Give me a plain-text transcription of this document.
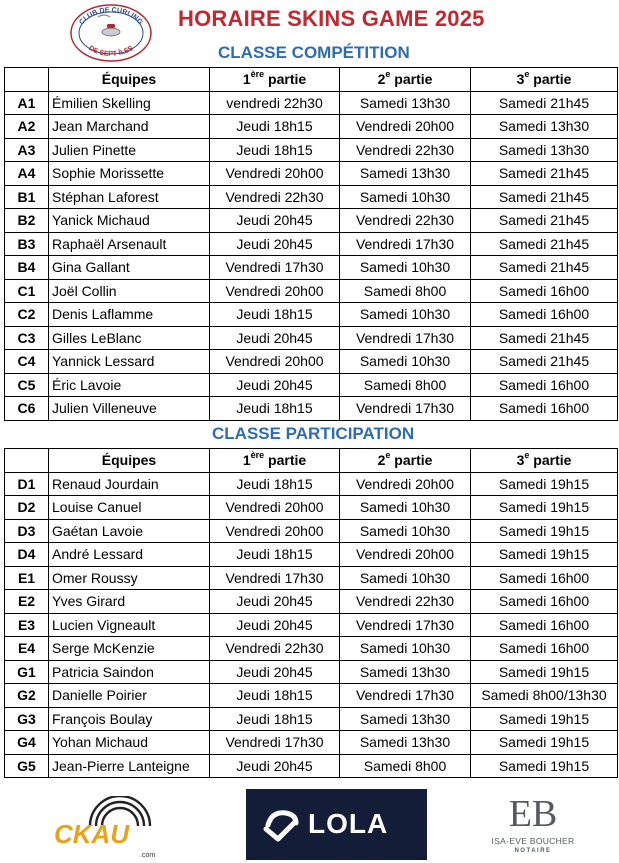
CLUB DE CURLING
DE SEPT-ÎLES
HORAIRE SKINS GAME 2025
CLASSE COMPÉTITION
	Équipes	1ère partie	2e partie	3e partie
A1	Émilien Skelling	vendredi 22h30	Samedi 13h30	Samedi 21h45
A2	Jean Marchand	Jeudi 18h15	Vendredi 20h00	Samedi 13h30
A3	Julien Pinette	Jeudi 18h15	Vendredi 22h30	Samedi 13h30
A4	Sophie Morissette	Vendredi 20h00	Samedi 13h30	Samedi 21h45
B1	Stéphan Laforest	Vendredi 22h30	Samedi 10h30	Samedi 21h45
B2	Yanick Michaud	Jeudi 20h45	Vendredi 22h30	Samedi 21h45
B3	Raphaël Arsenault	Jeudi 20h45	Vendredi 17h30	Samedi 21h45
B4	Gina Gallant	Vendredi 17h30	Samedi 10h30	Samedi 21h45
C1	Joël Collin	Vendredi 20h00	Samedi 8h00	Samedi 16h00
C2	Denis Laflamme	Jeudi 18h15	Samedi 10h30	Samedi 16h00
C3	Gilles LeBlanc	Jeudi 20h45	Vendredi 17h30	Samedi 21h45
C4	Yannick Lessard	Vendredi 20h00	Samedi 10h30	Samedi 21h45
C5	Éric Lavoie	Jeudi 20h45	Samedi 8h00	Samedi 16h00
C6	Julien Villeneuve	Jeudi 18h15	Vendredi 17h30	Samedi 16h00
CLASSE PARTICIPATION
	Équipes	1ère partie	2e partie	3e partie
D1	Renaud Jourdain	Jeudi 18h15	Vendredi 20h00	Samedi 19h15
D2	Louise Canuel	Vendredi 20h00	Samedi 10h30	Samedi 19h15
D3	Gaétan Lavoie	Vendredi 20h00	Samedi 10h30	Samedi 19h15
D4	André Lessard	Jeudi 18h15	Vendredi 20h00	Samedi 19h15
E1	Omer Roussy	Vendredi 17h30	Samedi 10h30	Samedi 16h00
E2	Yves Girard	Jeudi 20h45	Vendredi 22h30	Samedi 16h00
E3	Lucien Vigneault	Jeudi 20h45	Vendredi 17h30	Samedi 16h00
E4	Serge McKenzie	Vendredi 22h30	Samedi 10h30	Samedi 16h00
G1	Patricia Saindon	Jeudi 20h45	Samedi 13h30	Samedi 19h15
G2	Danielle Poirier	Jeudi 18h15	Vendredi 17h30	Samedi 8h00/13h30
G3	François Boulay	Jeudi 18h15	Samedi 13h30	Samedi 19h15
G4	Yohan Michaud	Vendredi 17h30	Samedi 13h30	Samedi 19h15
G5	Jean-Pierre Lanteigne	Jeudi 20h45	Samedi 8h00	Samedi 19h15
CKAU
.com
LOLA	EB
ISA-EVE BOUCHER
NOTAIRE
